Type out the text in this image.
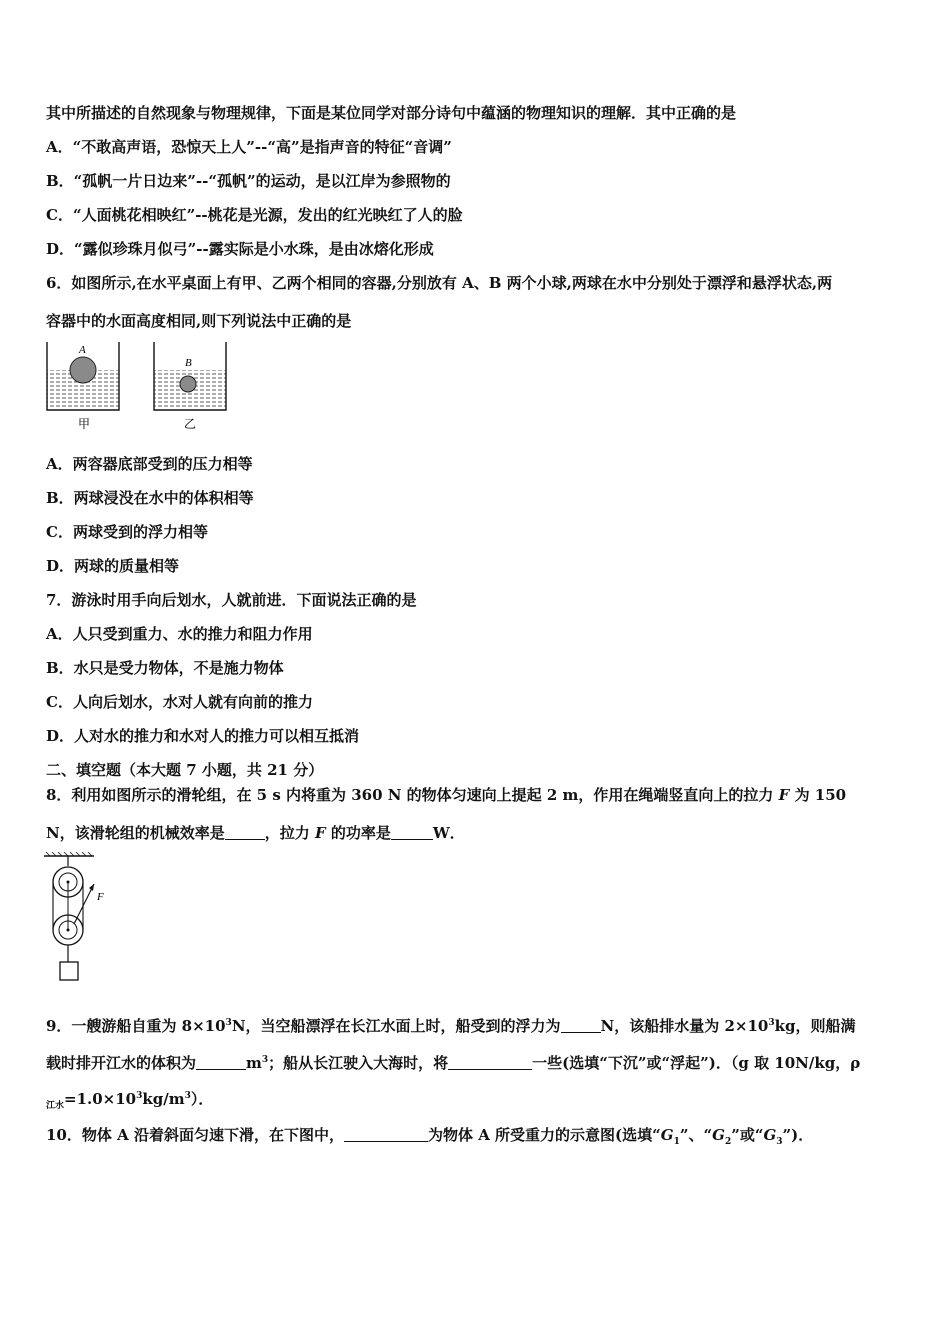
其中所描述的自然现象与物理规律，下面是某位同学对部分诗句中蕴涵的物理知识的理解．其中正确的是
A．“不敢高声语，恐惊天上人”--“高”是指声音的特征“音调”
B．“孤帆一片日边来”--“孤帆”的运动，是以江岸为参照物的
C．“人面桃花相映红”--桃花是光源，发出的红光映红了人的脸
D．“露似珍珠月似弓”--露实际是小水珠，是由冰熔化形成
6．如图所示,在水平桌面上有甲、乙两个相同的容器,分别放有 A、B 两个小球,两球在水中分别处于漂浮和悬浮状态,两
容器中的水面高度相同,则下列说法中正确的是
A
B
甲	乙
A．两容器底部受到的压力相等
B．两球浸没在水中的体积相等
C．两球受到的浮力相等
D．两球的质量相等
7．游泳时用手向后划水，人就前进．下面说法正确的是
A．人只受到重力、水的推力和阻力作用
B．水只是受力物体，不是施力物体
C．人向后划水，水对人就有向前的推力
D．人对水的推力和水对人的推力可以相互抵消
二、填空题（本大题 7 小题，共 21 分）
8．利用如图所示的滑轮组，在 5 s 内将重为 360 N 的物体匀速向上提起 2 m，作用在绳端竖直向上的拉力 F 为 150
N，该滑轮组的机械效率是	，拉力 F 的功率是	W．
F
9．一艘游船自重为 $8\times 10^3N$，当空船漂浮在长江水面上时，船受到的浮力为	N，该船排水量为 $2\times 10^3kg$，则船满
载时排开江水的体积为	$m^3$；船从长江驶入大海时，将	一些(选填“下沉”或“浮起”)．（g 取 10N/kg，ρ
$_{江水}=1.0\times 10^3kg/m^3$）．
10．物体 A 沿着斜面匀速下滑，在下图中，	为物体 A 所受重力的示意图(选填“$G_1$”、“$G_2$”或“$G_3$”)．
